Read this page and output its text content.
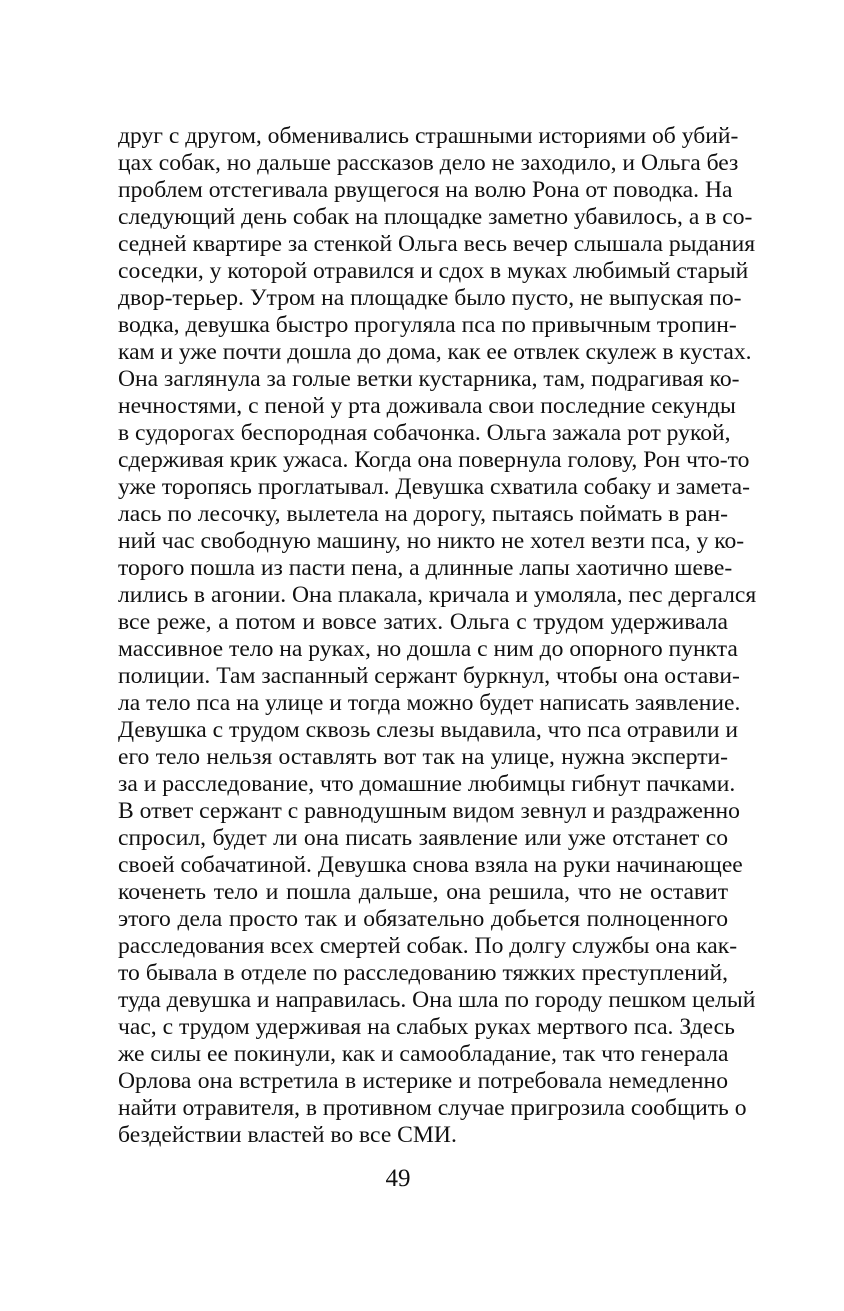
друг с другом, обменивались страшными историями об убий-
цах собак, но дальше рассказов дело не заходило, и Ольга без
проблем отстегивала рвущегося на волю Рона от поводка. На
следующий день собак на площадке заметно убавилось, а в со-
седней квартире за стенкой Ольга весь вечер слышала рыдания
соседки, у которой отравился и сдох в муках любимый старый
двор-терьер. Утром на площадке было пусто, не выпуская по-
водка, девушка быстро прогуляла пса по привычным тропин-
кам и уже почти дошла до дома, как ее отвлек скулеж в кустах.
Она заглянула за голые ветки кустарника, там, подрагивая ко-
нечностями, с пеной у рта доживала свои последние секунды
в судорогах беспородная собачонка. Ольга зажала рот рукой,
сдерживая крик ужаса. Когда она повернула голову, Рон что-то
уже торопясь проглатывал. Девушка схватила собаку и замета-
лась по лесочку, вылетела на дорогу, пытаясь поймать в ран-
ний час свободную машину, но никто не хотел везти пса, у ко-
торого пошла из пасти пена, а длинные лапы хаотично шеве-
лились в агонии. Она плакала, кричала и умоляла, пес дергался
все реже, а потом и вовсе затих. Ольга с трудом удерживала
массивное тело на руках, но дошла с ним до опорного пункта
полиции. Там заспанный сержант буркнул, чтобы она остави-
ла тело пса на улице и тогда можно будет написать заявление.
Девушка с трудом сквозь слезы выдавила, что пса отравили и
его тело нельзя оставлять вот так на улице, нужна эксперти-
за и расследование, что домашние любимцы гибнут пачками.
В ответ сержант с равнодушным видом зевнул и раздраженно
спросил, будет ли она писать заявление или уже отстанет со
своей собачатиной. Девушка снова взяла на руки начинающее
коченеть тело и пошла дальше, она решила, что не оставит
этого дела просто так и обязательно добьется полноценного
расследования всех смертей собак. По долгу службы она как-
то бывала в отделе по расследованию тяжких преступлений,
туда девушка и направилась. Она шла по городу пешком целый
час, с трудом удерживая на слабых руках мертвого пса. Здесь
же силы ее покинули, как и самообладание, так что генерала
Орлова она встретила в истерике и потребовала немедленно
найти отравителя, в противном случае пригрозила сообщить о
бездействии властей во все СМИ.
49
